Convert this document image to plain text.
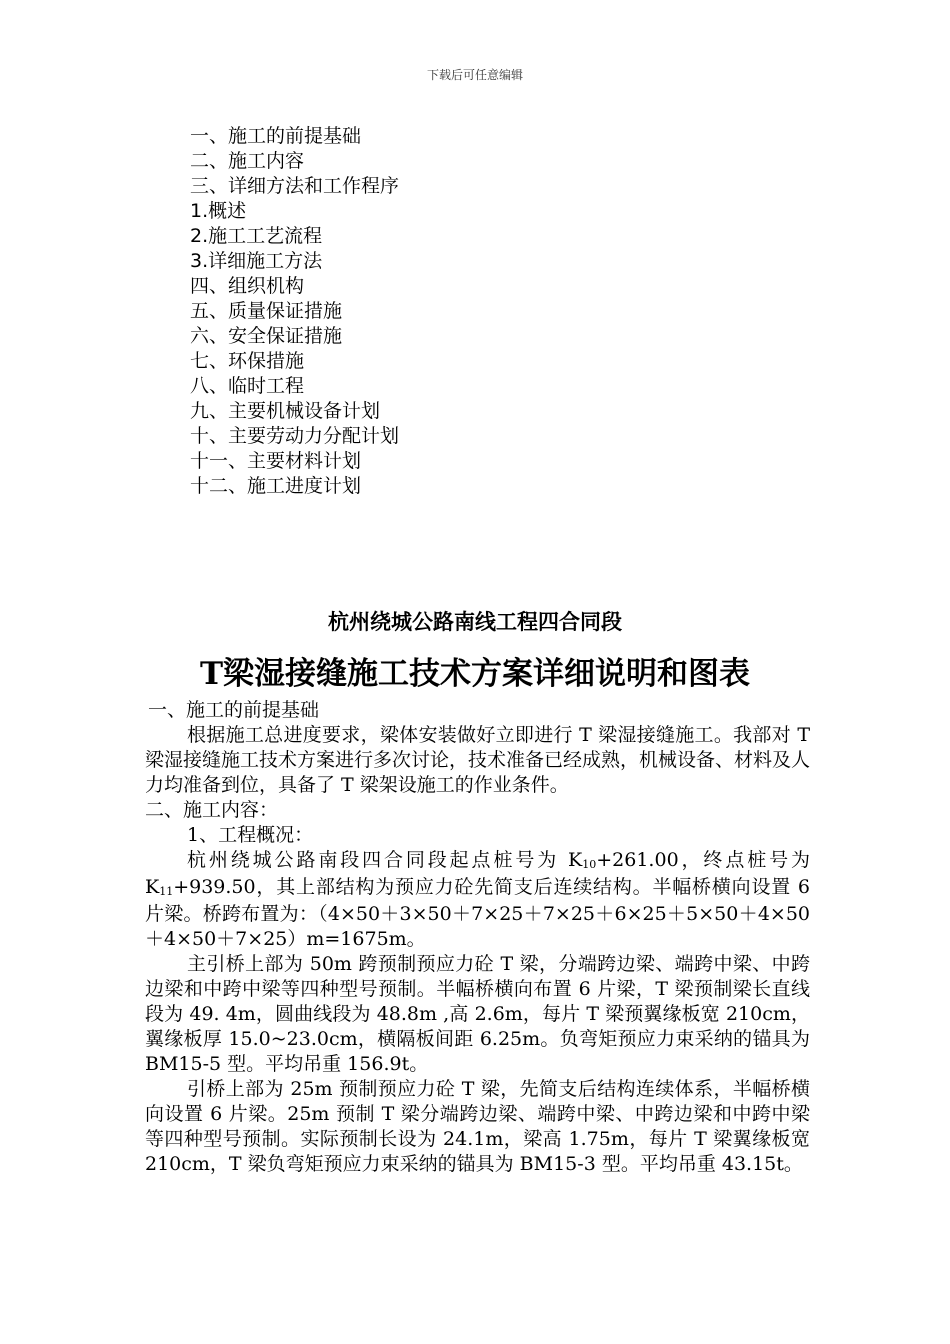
下载后可任意编辑
一、施工的前提基础
二、施工内容
三、详细方法和工作程序
1.概述
2.施工工艺流程
3.详细施工方法
四、组织机构
五、质量保证措施
六、安全保证措施
七、环保措施
八、临时工程
九、主要机械设备计划
十、主要劳动力分配计划
十一、主要材料计划
十二、施工进度计划
杭州绕城公路南线工程四合同段
T梁湿接缝施工技术方案详细说明和图表

一、施工的前提基础

根据施工总进度要求，梁体安装做好立即进行 T 梁湿接缝施工。我部对 T 梁湿接缝施工技术方案进行多次讨论，技术准备已经成熟，机械设备、材料及人力均准备到位，具备了 T 梁架设施工的作业条件。

二、施工内容：

1、工程概况：

杭州绕城公路南段四合同段起点桩号为 $K_{10}+261.00$，终点桩号为 $K_{11}+939.50$，其上部结构为预应力砼先简支后连续结构。半幅桥横向设置 6 片梁。桥跨布置为：（4×50＋3×50＋7×25＋7×25＋6×25＋5×50＋4×50＋4×50＋7×25）m=1675m。

主引桥上部为 50m 跨预制预应力砼 T 梁，分端跨边梁、端跨中梁、中跨边梁和中跨中梁等四种型号预制。半幅桥横向布置 6 片梁，T 梁预制梁长直线段为 49. 4m，圆曲线段为 48.8m ,高 2.6m，每片 T 梁预翼缘板宽 210cm，翼缘板厚 15.0~23.0cm，横隔板间距 6.25m。负弯矩预应力束采纳的锚具为 BM15-5 型。平均吊重 156.9t。

引桥上部为 25m 预制预应力砼 T 梁，先简支后结构连续体系，半幅桥横向设置 6 片梁。25m 预制 T 梁分端跨边梁、端跨中梁、中跨边梁和中跨中梁等四种型号预制。实际预制长设为 24.1m，梁高 1.75m，每片 T 梁翼缘板宽 210cm，T 梁负弯矩预应力束采纳的锚具为 BM15-3 型。平均吊重 43.15t。
